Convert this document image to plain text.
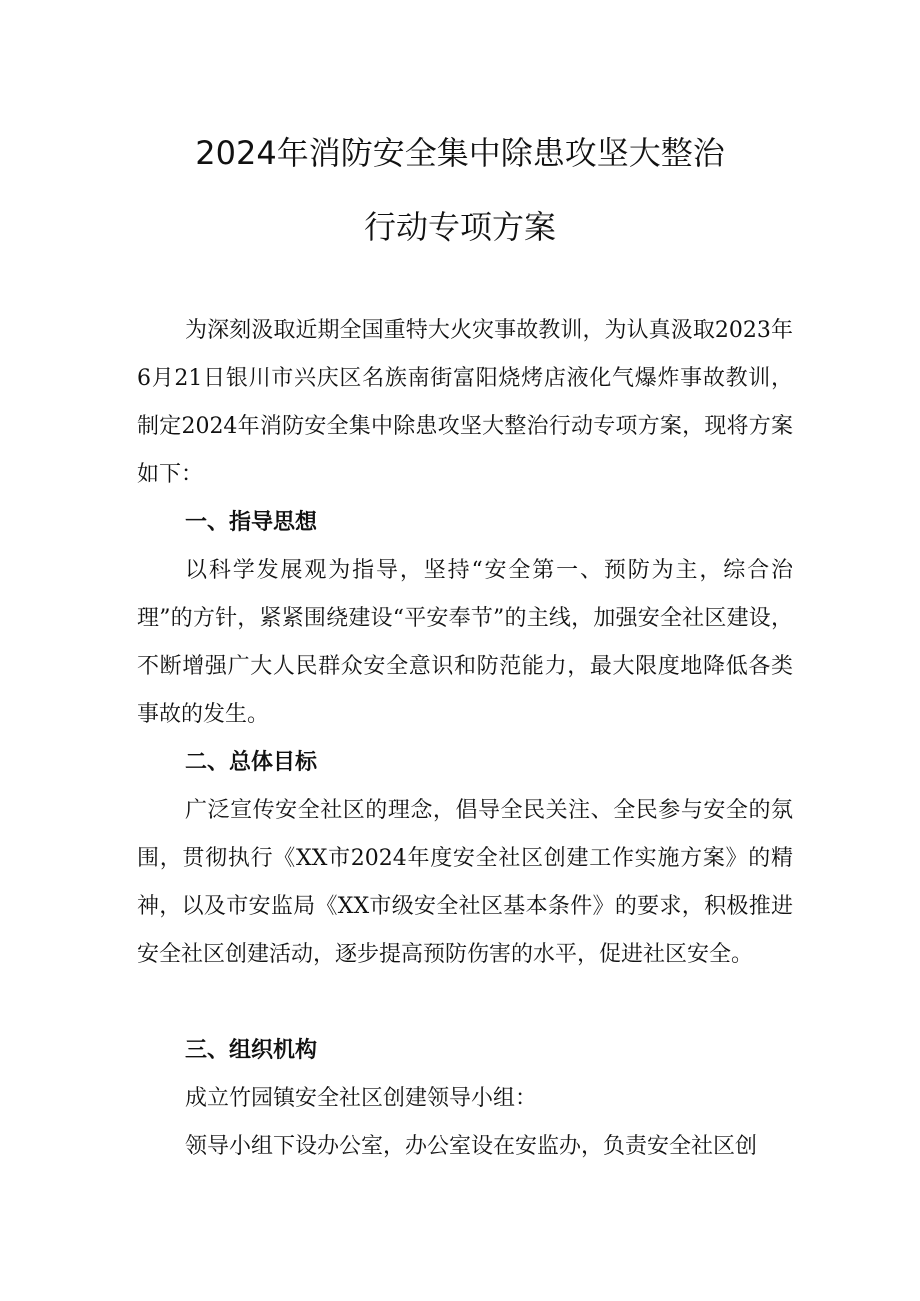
2024年消防安全集中除患攻坚大整治
行动专项方案

为深刻汲取近期全国重特大火灾事故教训，为认真汲取2023年6月21日银川市兴庆区名族南街富阳烧烤店液化气爆炸事故教训，制定2024年消防安全集中除患攻坚大整治行动专项方案，现将方案如下：

一、指导思想

以科学发展观为指导，坚持“安全第一、预防为主，综合治理”的方针，紧紧围绕建设“平安奉节”的主线，加强安全社区建设，不断增强广大人民群众安全意识和防范能力，最大限度地降低各类事故的发生。

二、总体目标

广泛宣传安全社区的理念，倡导全民关注、全民参与安全的氛围，贯彻执行《XX市2024年度安全社区创建工作实施方案》的精神，以及市安监局《XX市级安全社区基本条件》的要求，积极推进安全社区创建活动，逐步提高预防伤害的水平，促进社区安全。

三、组织机构

成立竹园镇安全社区创建领导小组：

领导小组下设办公室，办公室设在安监办，负责安全社区创
